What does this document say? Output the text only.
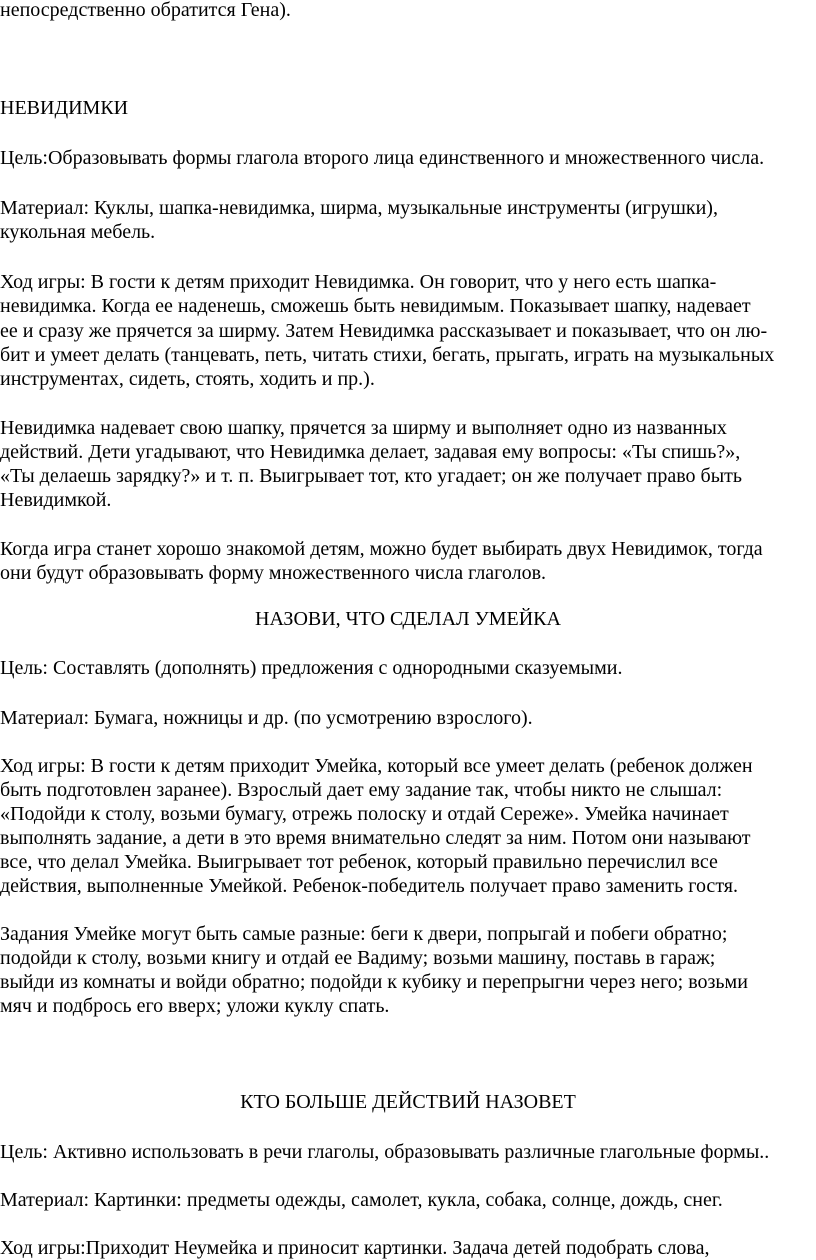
непосредственно обратится Гена).
НЕВИДИМКИ
Цель:Образовывать формы глагола второго лица единственного и множественного числа.
Материал: Куклы, шапка-невидимка, ширма, музыкальные инструменты (игрушки),
кукольная мебель.
Ход игры: В гости к детям приходит Невидимка. Он говорит, что у него есть шапка-
невидимка. Когда ее наденешь, сможешь быть невидимым. Показывает шапку, надевает
ее и сразу же прячется за ширму. Затем Невидимка рассказывает и показывает, что он лю-
бит и умеет делать (танцевать, петь, читать стихи, бегать, прыгать, играть на музыкальных
инструментах, сидеть, стоять, ходить и пр.).
Невидимка надевает свою шапку, прячется за ширму и выполняет одно из названных
действий. Дети угадывают, что Невидимка делает, задавая ему вопросы: «Ты спишь?»,
«Ты делаешь зарядку?» и т. п. Выигрывает тот, кто угадает; он же получает право быть
Невидимкой.
Когда игра станет хорошо знакомой детям, можно будет выбирать двух Невидимок, тогда
они будут образовывать форму множественного числа глаголов.
НАЗОВИ, ЧТО СДЕЛАЛ УМЕЙКА
Цель: Составлять (дополнять) предложения с однородными сказуемыми.
Материал: Бумага, ножницы и др. (по усмотрению взрослого).
Ход игры: В гости к детям приходит Умейка, который все умеет делать (ребенок должен
быть подготовлен заранее). Взрослый дает ему задание так, чтобы никто не слышал:
«Подойди к столу, возьми бумагу, отрежь полоску и отдай Сереже». Умейка начинает
выполнять задание, а дети в это время внимательно следят за ним. Потом они называют
все, что делал Умейка. Выигрывает тот ребенок, который правильно перечислил все
действия, выполненные Умейкой. Ребенок-победитель получает право заменить гостя.
Задания Умейке могут быть самые разные: беги к двери, попрыгай и побеги обратно;
подойди к столу, возьми книгу и отдай ее Вадиму; возьми машину, поставь в гараж;
выйди из комнаты и войди обратно; подойди к кубику и перепрыгни через него; возьми
мяч и подбрось его вверх; уложи куклу спать.
КТО БОЛЬШЕ ДЕЙСТВИЙ НАЗОВЕТ
Цель: Активно использовать в речи глаголы, образовывать различные глагольные формы..
Материал: Картинки: предметы одежды, самолет, кукла, собака, солнце, дождь, снег.
Ход игры:Приходит Неумейка и приносит картинки. Задача детей подобрать слова,
